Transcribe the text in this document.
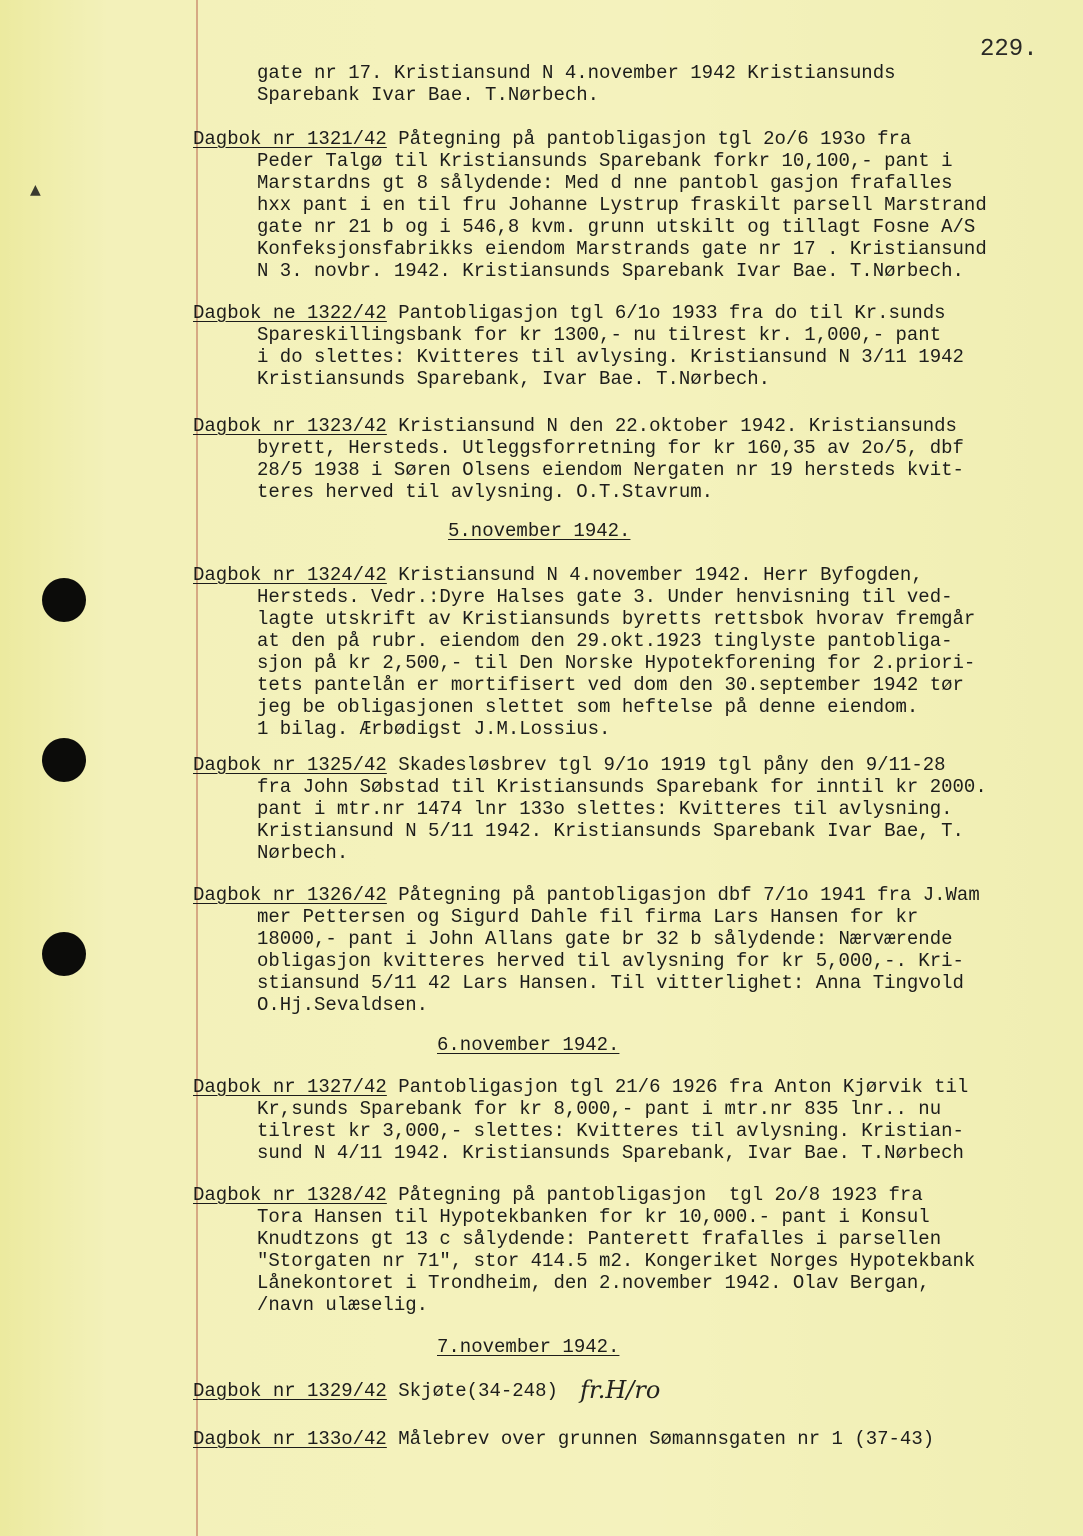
▲
229.
gate nr 17. Kristiansund N 4.november 1942 Kristiansunds
Sparebank Ivar Bae. T.Nørbech.
Dagbok nr 1321/42 Påtegning på pantobligasjon tgl 2o/6 193o fra
Peder Talgø til Kristiansunds Sparebank forkr 10,100,- pant i
Marstardns gt 8 sålydende: Med d nne pantobl gasjon frafalles
hxx pant i en til fru Johanne Lystrup fraskilt parsell Marstrand
gate nr 21 b og i 546,8 kvm. grunn utskilt og tillagt Fosne A/S
Konfeksjonsfabrikks eiendom Marstrands gate nr 17 . Kristiansund
N 3. novbr. 1942. Kristiansunds Sparebank Ivar Bae. T.Nørbech.
Dagbok ne 1322/42 Pantobligasjon tgl 6/1o 1933 fra do til Kr.sunds
Spareskillingsbank for kr 1300,- nu tilrest kr. 1,000,- pant
i do slettes: Kvitteres til avlysing. Kristiansund N 3/11 1942
Kristiansunds Sparebank, Ivar Bae. T.Nørbech.
Dagbok nr 1323/42 Kristiansund N den 22.oktober 1942. Kristiansunds
byrett, Hersteds. Utleggsforretning for kr 160,35 av 2o/5, dbf
28/5 1938 i Søren Olsens eiendom Nergaten nr 19 hersteds kvit-
teres herved til avlysning. O.T.Stavrum.
5.november 1942.
Dagbok nr 1324/42 Kristiansund N 4.november 1942. Herr Byfogden,
Hersteds. Vedr.:Dyre Halses gate 3. Under henvisning til ved-
lagte utskrift av Kristiansunds byretts rettsbok hvorav fremgår
at den på rubr. eiendom den 29.okt.1923 tinglyste pantobliga-
sjon på kr 2,500,- til Den Norske Hypotekforening for 2.priori-
tets pantelån er mortifisert ved dom den 30.september 1942 tør
jeg be obligasjonen slettet som heftelse på denne eiendom.
1 bilag. Ærbødigst J.M.Lossius.
Dagbok nr 1325/42 Skadesløsbrev tgl 9/1o 1919 tgl påny den 9/11-28
fra John Søbstad til Kristiansunds Sparebank for inntil kr 2000.
pant i mtr.nr 1474 lnr 133o slettes: Kvitteres til avlysning.
Kristiansund N 5/11 1942. Kristiansunds Sparebank Ivar Bae, T.
Nørbech.
Dagbok nr 1326/42 Påtegning på pantobligasjon dbf 7/1o 1941 fra J.Wam
mer Pettersen og Sigurd Dahle fil firma Lars Hansen for kr
18000,- pant i John Allans gate br 32 b sålydende: Nærværende
obligasjon kvitteres herved til avlysning for kr 5,000,-. Kri-
stiansund 5/11 42 Lars Hansen. Til vitterlighet: Anna Tingvold
O.Hj.Sevaldsen.
6.november 1942.
Dagbok nr 1327/42 Pantobligasjon tgl 21/6 1926 fra Anton Kjørvik til
Kr,sunds Sparebank for kr 8,000,- pant i mtr.nr 835 lnr.. nu
tilrest kr 3,000,- slettes: Kvitteres til avlysning. Kristian-
sund N 4/11 1942. Kristiansunds Sparebank, Ivar Bae. T.Nørbech
Dagbok nr 1328/42 Påtegning på pantobligasjon  tgl 2o/8 1923 fra
Tora Hansen til Hypotekbanken for kr 10,000.- pant i Konsul
Knudtzons gt 13 c sålydende: Panterett frafalles i parsellen
"Storgaten nr 71", stor 414.5 m2. Kongeriket Norges Hypotekbank
Lånekontoret i Trondheim, den 2.november 1942. Olav Bergan,
/navn ulæselig.
7.november 1942.
Dagbok nr 1329/42 Skjøte(34-248) fr.H/ro
Dagbok nr 133o/42 Målebrev over grunnen Sømannsgaten nr 1 (37-43)
